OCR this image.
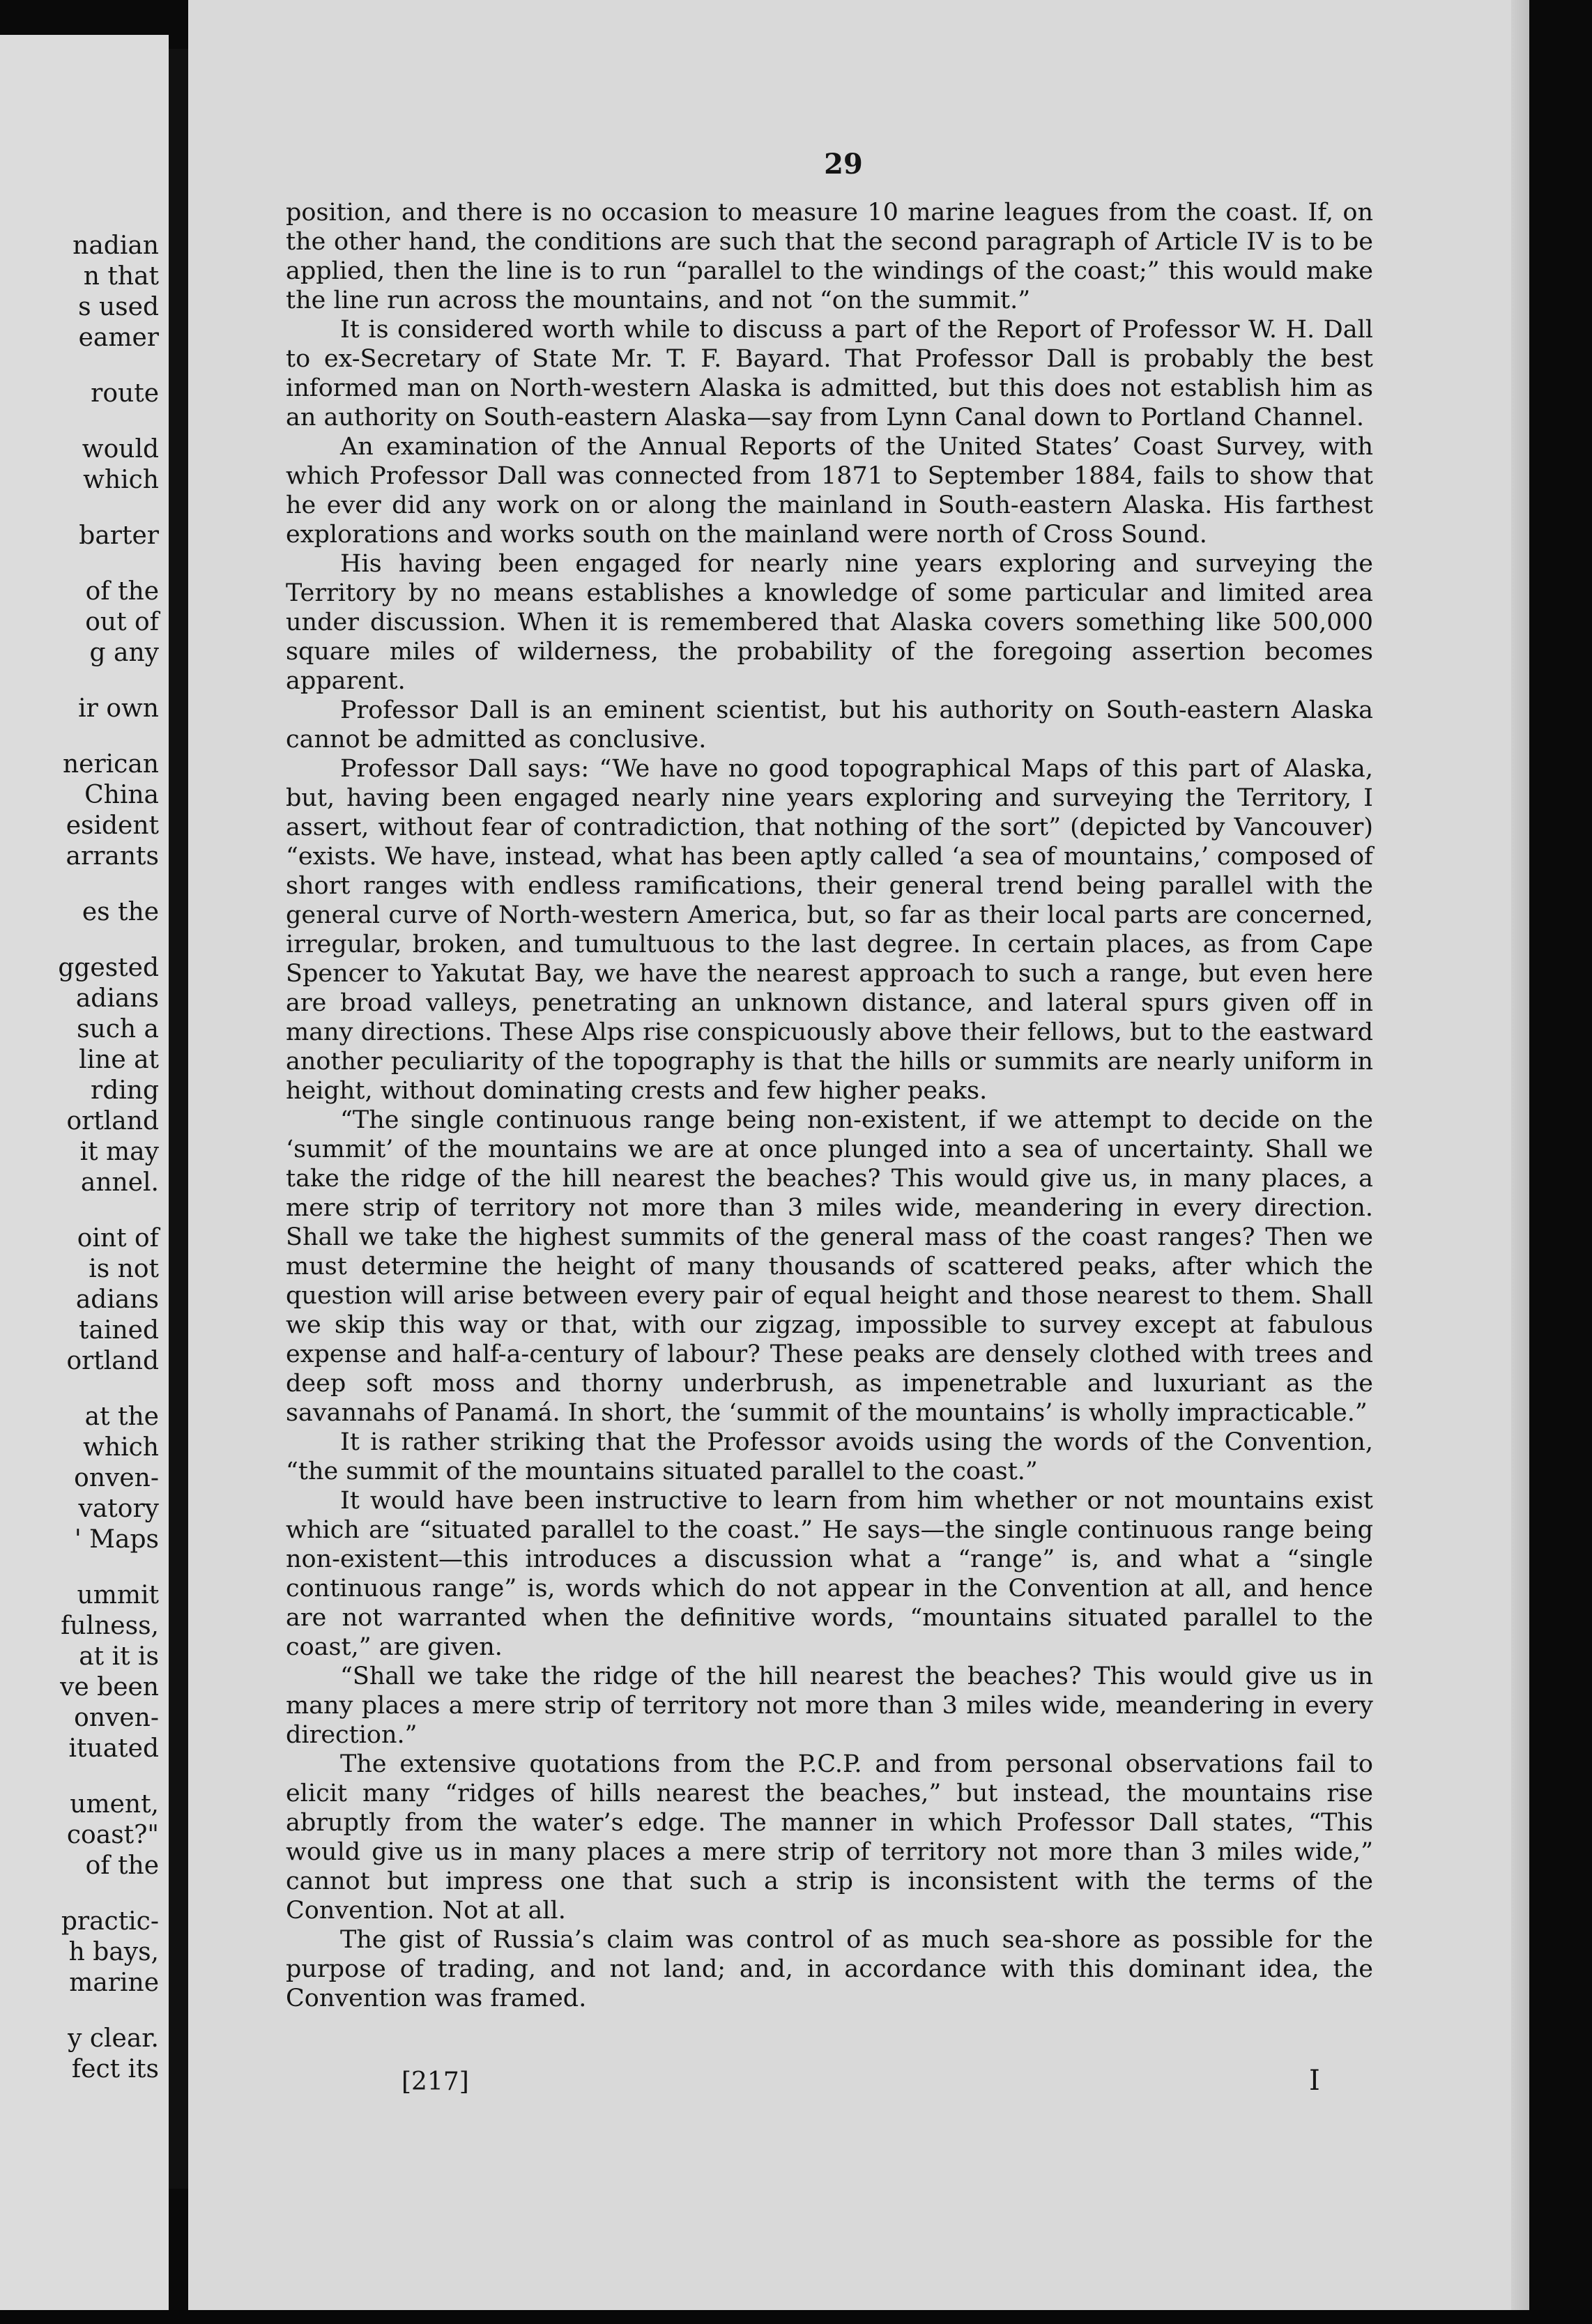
nadian
n that
s used
eamer
route
would
which
barter
of the
out of
g any
ir own
nerican
China
esident
arrants
es the
ggested
adians
such a
line at
rding
ortland
it may
annel.
oint of
is not
adians
tained
ortland
at the
which
onven-
vatory
' Maps
ummit
fulness,
at it is
ve been
onven-
ituated
ument,
coast?"
of the
practic-
h bays,
marine
y clear.
fect its
29

position, and there is no occasion to measure 10 marine leagues from the coast. If, on the other hand, the conditions are such that the second paragraph of Article IV is to be applied, then the line is to run “parallel to the windings of the coast;” this would make the line run across the mountains, and not “on the summit.”

It is considered worth while to discuss a part of the Report of Professor W. H. Dall to ex-Secretary of State Mr. T. F. Bayard. That Professor Dall is probably the best informed man on North-western Alaska is admitted, but this does not establish him as an authority on South-eastern Alaska—say from Lynn Canal down to Portland Channel.

An examination of the Annual Reports of the United States’ Coast Survey, with which Professor Dall was connected from 1871 to September 1884, fails to show that he ever did any work on or along the mainland in South-eastern Alaska. His farthest explorations and works south on the mainland were north of Cross Sound.

His having been engaged for nearly nine years exploring and surveying the Territory by no means establishes a knowledge of some particular and limited area under discussion. When it is remembered that Alaska covers something like 500,000 square miles of wilderness, the probability of the foregoing assertion becomes apparent.

Professor Dall is an eminent scientist, but his authority on South-eastern Alaska cannot be admitted as conclusive.

Professor Dall says: “We have no good topographical Maps of this part of Alaska, but, having been engaged nearly nine years exploring and surveying the Territory, I assert, without fear of contradiction, that nothing of the sort” (depicted by Vancouver) “exists. We have, instead, what has been aptly called ‘a sea of mountains,’ composed of short ranges with endless ramifications, their general trend being parallel with the general curve of North-western America, but, so far as their local parts are concerned, irregular, broken, and tumultuous to the last degree. In certain places, as from Cape Spencer to Yakutat Bay, we have the nearest approach to such a range, but even here are broad valleys, penetrating an unknown distance, and lateral spurs given off in many directions. These Alps rise conspicuously above their fellows, but to the eastward another peculiarity of the topography is that the hills or summits are nearly uniform in height, without dominating crests and few higher peaks.

“The single continuous range being non-existent, if we attempt to decide on the ‘summit’ of the mountains we are at once plunged into a sea of uncertainty. Shall we take the ridge of the hill nearest the beaches? This would give us, in many places, a mere strip of territory not more than 3 miles wide, meandering in every direction. Shall we take the highest summits of the general mass of the coast ranges? Then we must determine the height of many thousands of scattered peaks, after which the question will arise between every pair of equal height and those nearest to them. Shall we skip this way or that, with our zigzag, impossible to survey except at fabulous expense and half-a-century of labour? These peaks are densely clothed with trees and deep soft moss and thorny underbrush, as impenetrable and luxuriant as the savannahs of Panamá. In short, the ‘summit of the mountains’ is wholly impracticable.”

It is rather striking that the Professor avoids using the words of the Convention, “the summit of the mountains situated parallel to the coast.”

It would have been instructive to learn from him whether or not mountains exist which are “situated parallel to the coast.” He says—the single continuous range being non-existent—this introduces a discussion what a “range” is, and what a “single continuous range” is, words which do not appear in the Convention at all, and hence are not warranted when the definitive words, “mountains situated parallel to the coast,” are given.

“Shall we take the ridge of the hill nearest the beaches? This would give us in many places a mere strip of territory not more than 3 miles wide, meandering in every direction.”

The extensive quotations from the P.C.P. and from personal observations fail to elicit many “ridges of hills nearest the beaches,” but instead, the mountains rise abruptly from the water’s edge. The manner in which Professor Dall states, “This would give us in many places a mere strip of territory not more than 3 miles wide,” cannot but impress one that such a strip is inconsistent with the terms of the Convention. Not at all.

The gist of Russia’s claim was control of as much sea-shore as possible for the purpose of trading, and not land; and, in accordance with this dominant idea, the Convention was framed.

[217]	I
